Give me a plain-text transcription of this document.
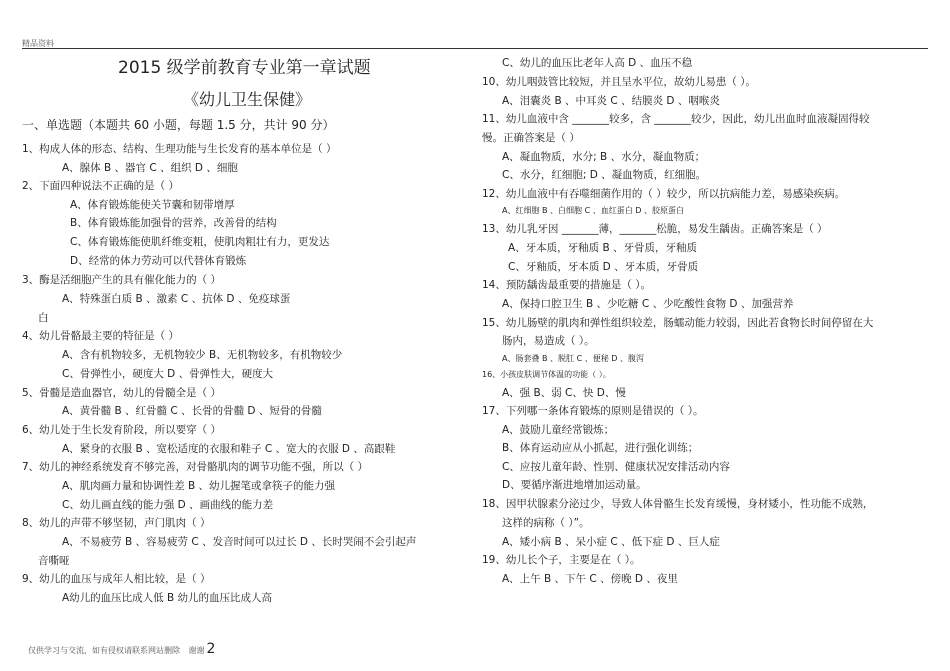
精品资料
2015 级学前教育专业第一章试题
《幼儿卫生保健》
一、单选题（本题共 60 小题，每题 1.5 分，共计 90 分）
1、构成人体的形态、结构、生理功能与生长发育的基本单位是（ ）
A、腺体 B 、器官 C 、组织 D 、细胞
2、下面四种说法不正确的是（ ）
A、体育锻炼能使关节囊和韧带增厚
B、体育锻炼能加强骨的营养，改善骨的结构
C、体育锻炼能使肌纤维变粗，使肌肉粗壮有力，更发达
D、经常的体力劳动可以代替体育锻炼
3、酶是活细胞产生的具有催化能力的（ ）
A、特殊蛋白质 B 、激素 C 、抗体 D 、免疫球蛋
白
4、幼儿骨骼最主要的特征是（ ）
A、含有机物较多，无机物较少 B、无机物较多，有机物较少
C、骨弹性小，硬度大 D 、骨弹性大，硬度大
5、骨髓是造血器官，幼儿的骨髓全是（ ）
A、黄骨髓 B 、红骨髓 C 、长骨的骨髓 D 、短骨的骨髓
6、幼儿处于生长发育阶段，所以要穿（ ）
A、紧身的衣服 B 、宽松适度的衣服和鞋子 C 、宽大的衣服 D 、高跟鞋
7、幼儿的神经系统发育不够完善，对骨骼肌肉的调节功能不强，所以（ ）
A、肌肉画力量和协调性差 B 、幼儿握笔或拿筷子的能力强
C、幼儿画直线的能力强 D 、画曲线的能力差
8、幼儿的声带不够坚韧，声门肌肉（ ）
A、不易疲劳 B 、容易疲劳 C 、发音时间可以过长 D 、长时哭闹不会引起声
音嘶哑
9、幼儿的血压与成年人相比较，是（ ）
A幼儿的血压比成人低 B 幼儿的血压比成人高
C、幼儿的血压比老年人高 D 、血压不稳
10、幼儿咽鼓管比较短，并且呈水平位，故幼儿易患（ ）。
A、泪囊炎 B 、中耳炎 C 、结膜炎 D 、咽喉炎
11、幼儿血液中含 _______较多，含 _______较少，因此，幼儿出血时血液凝固得较
慢。正确答案是（ ）
A、凝血物质，水分; B 、水分，凝血物质；
C、水分，红细胞; D 、凝血物质，红细胞。
12、幼儿血液中有吞噬细菌作用的（ ）较少，所以抗病能力差，易感染疾病。
A、红细胞 B 、白细胞 C 、血红蛋白 D 、胶原蛋白
13、幼儿乳牙因 _______薄，_______松脆，易发生龋齿。正确答案是（ ）
A、牙本质，牙釉质 B 、牙骨质，牙釉质
C、牙釉质，牙本质 D 、牙本质，牙骨质
14、预防龋齿最重要的措施是（ ）。
A、保持口腔卫生 B 、少吃糖 C 、少吃酸性食物 D 、加强营养
15、幼儿肠壁的肌肉和弹性组织较差，肠蠕动能力较弱，因此若食物长时间停留在大
肠内，易造成（ ）。
A、肠套叠 B 、脱肛 C 、便秘 D 、腹泻
16、小孩皮肤调节体温的功能（ ）。
A、强 B、弱 C、快 D、慢
17、下列哪一条体育锻炼的原则是错误的（ ）。
A、鼓励儿童经常锻炼；
B、体育运动应从小抓起，进行强化训练；
C、应按儿童年龄、性别、健康状况安排活动内容
D、要循序渐进地增加运动量。
18、因甲状腺素分泌过少，导致人体骨骼生长发育缓慢，身材矮小，性功能不成熟，
这样的病称（ ）”。
A、矮小病 B 、呆小症 C 、低下症 D 、巨人症
19、幼儿长个子，主要是在（ ）。
A、上午 B 、下午 C 、傍晚 D 、夜里
仅供学习与交流，如有侵权请联系网站删除 谢谢 2
